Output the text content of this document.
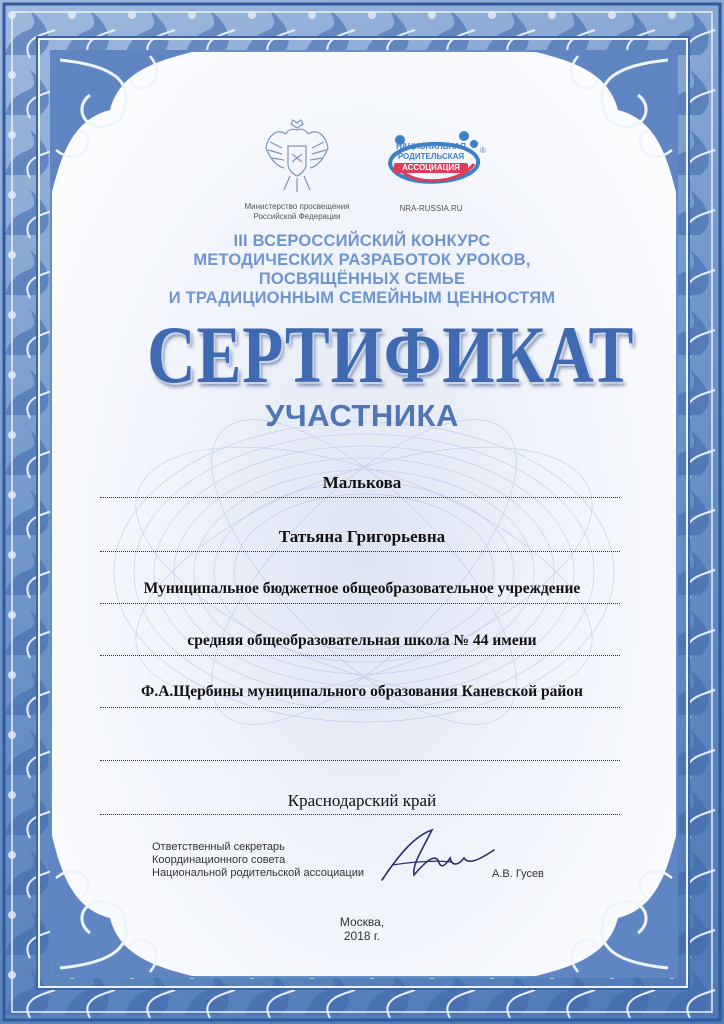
Министерство просвещения
Российской Федерации
НАЦИОНАЛЬНАЯ
РОДИТЕЛЬСКАЯ
АССОЦИАЦИЯ
®
NRA-RUSSIA.RU
III ВСЕРОССИЙСКИЙ КОНКУРС
МЕТОДИЧЕСКИХ РАЗРАБОТОК УРОКОВ,
ПОСВЯЩЁННЫХ СЕМЬЕ
И ТРАДИЦИОННЫМ СЕМЕЙНЫМ ЦЕННОСТЯМ
СЕРТИФИКАТ
УЧАСТНИКА
Малькова
Татьяна Григорьевна
Муниципальное бюджетное общеобразовательное учреждение
средняя общеобразовательная школа № 44 имени
Ф.А.Щербины муниципального образования Каневской район
Краснодарский край
Ответственный секретарь
Координационного совета
Национальной родительской ассоциации	А.В. Гусев
Москва,
2018 г.
